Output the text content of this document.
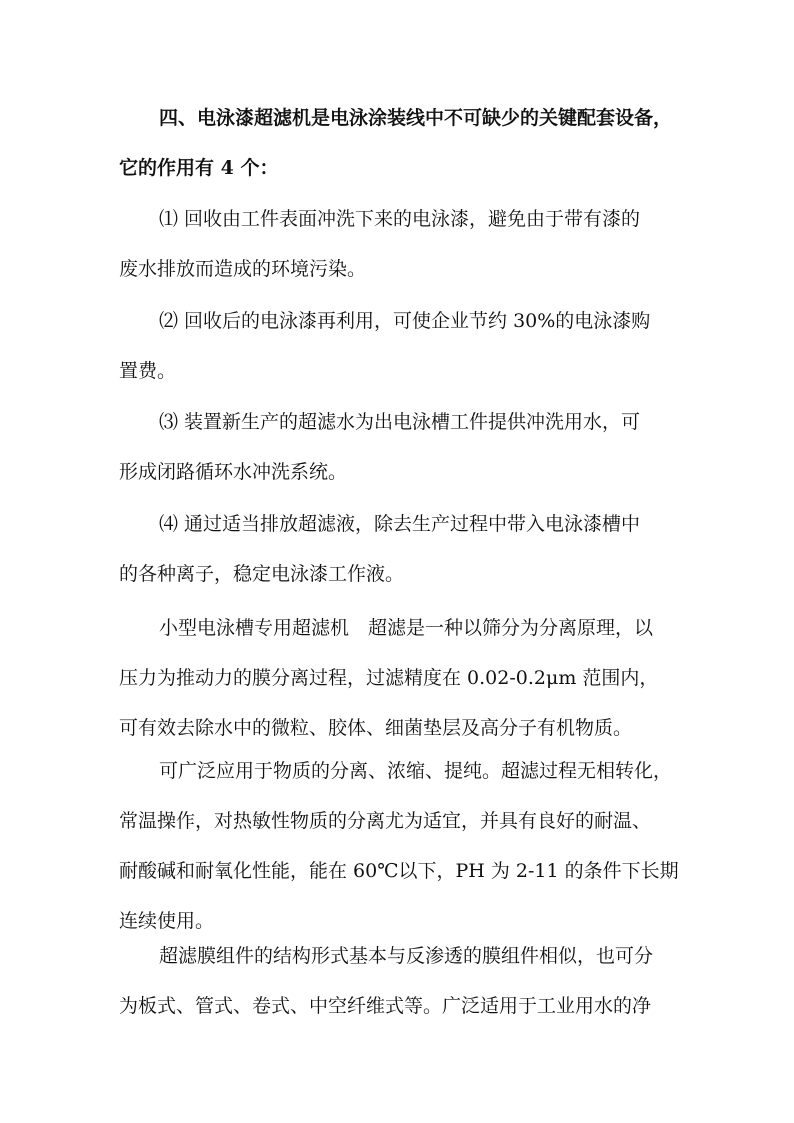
四、电泳漆超滤机是电泳涂装线中不可缺少的关键配套设备，
它的作用有 4 个：

⑴ 回收由工件表面冲洗下来的电泳漆，避免由于带有漆的
废水排放而造成的环境污染。

⑵ 回收后的电泳漆再利用，可使企业节约 30%的电泳漆购
置费。

⑶ 装置新生产的超滤水为出电泳槽工件提供冲洗用水，可
形成闭路循环水冲洗系统。

⑷ 通过适当排放超滤液，除去生产过程中带入电泳漆槽中
的各种离子，稳定电泳漆工作液。

小型电泳槽专用超滤机　超滤是一种以筛分为分离原理，以
压力为推动力的膜分离过程，过滤精度在 0.02-0.2μm 范围内，
可有效去除水中的微粒、胶体、细菌垫层及高分子有机物质。

可广泛应用于物质的分离、浓缩、提纯。超滤过程无相转化，
常温操作，对热敏性物质的分离尤为适宜，并具有良好的耐温、
耐酸碱和耐氧化性能，能在 60℃以下，PH 为 2-11 的条件下长期
连续使用。

超滤膜组件的结构形式基本与反渗透的膜组件相似，也可分
为板式、管式、卷式、中空纤维式等。广泛适用于工业用水的净
